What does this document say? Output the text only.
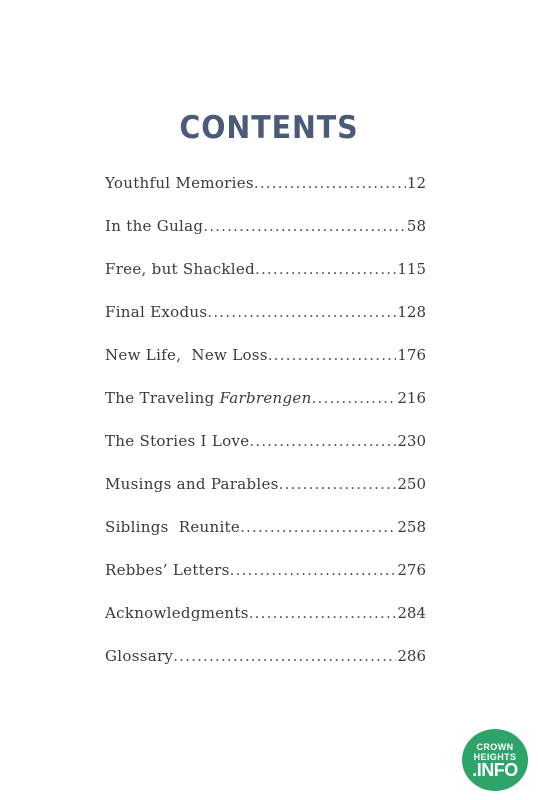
CONTENTS
Youthful Memories .....	12
In the Gulag .....	58
Free, but Shackled .....	115
Final Exodus .....	128
New Life,  New Loss .....	176
The Traveling Farbrengen .....	216
The Stories I Love .....	230
Musings and Parables .....	250
Siblings  Reunite .....	258
Rebbes’ Letters .....	276
Acknowledgments .....	284
Glossary .....	286
CROWN
HEIGHTS
.INFO
